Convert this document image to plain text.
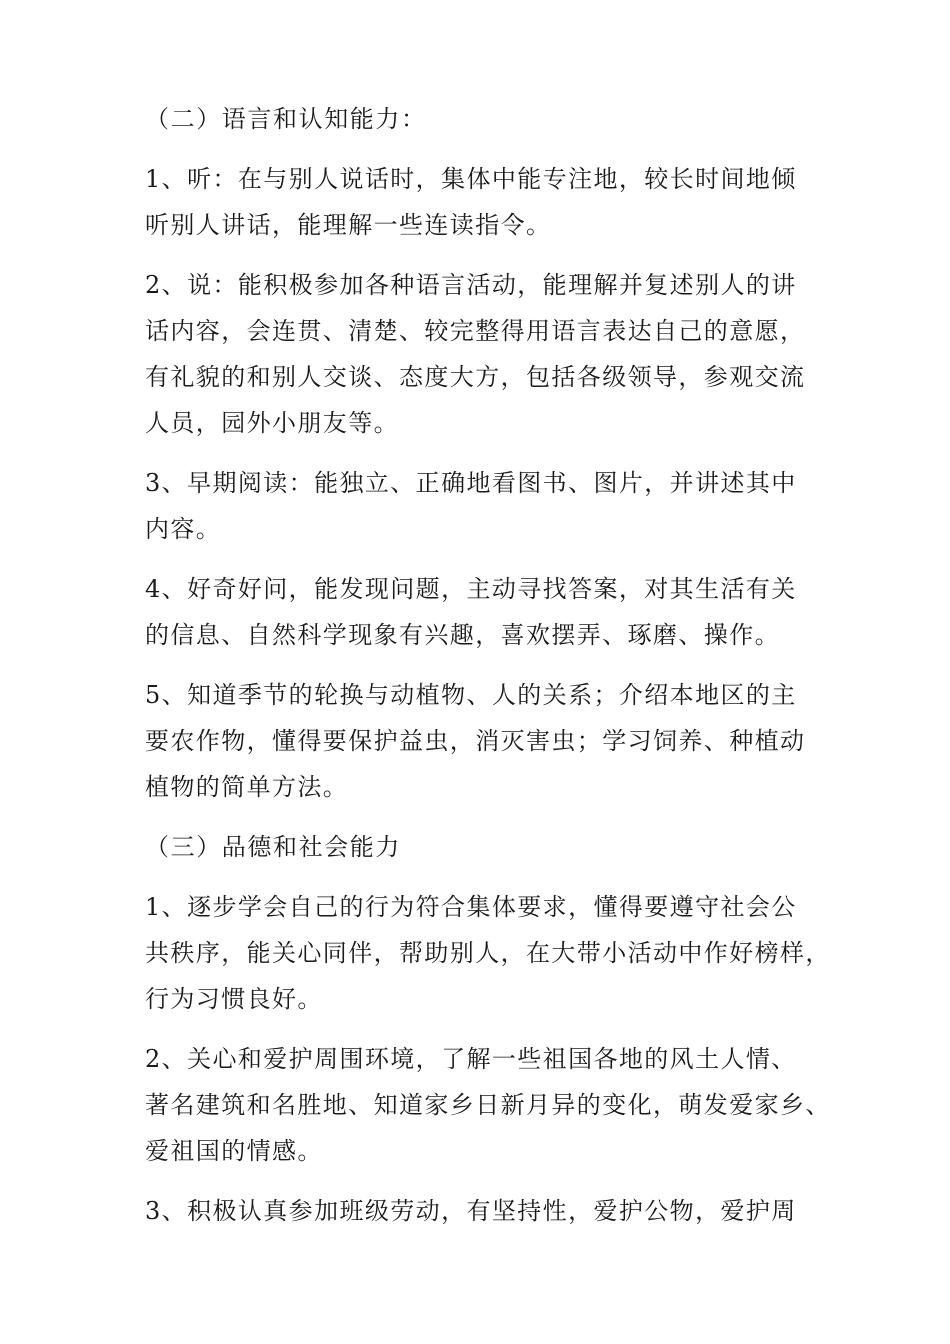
（二）语言和认知能力：
1、听：在与别人说话时，集体中能专注地，较长时间地倾
听别人讲话，能理解一些连读指令。
2、说：能积极参加各种语言活动，能理解并复述别人的讲
话内容，会连贯、清楚、较完整得用语言表达自己的意愿，
有礼貌的和别人交谈、态度大方，包括各级领导，参观交流
人员，园外小朋友等。
3、早期阅读：能独立、正确地看图书、图片，并讲述其中
内容。
4、好奇好问，能发现问题，主动寻找答案，对其生活有关
的信息、自然科学现象有兴趣，喜欢摆弄、琢磨、操作。
5、知道季节的轮换与动植物、人的关系；介绍本地区的主
要农作物，懂得要保护益虫，消灭害虫；学习饲养、种植动
植物的简单方法。
（三）品德和社会能力
1、逐步学会自己的行为符合集体要求，懂得要遵守社会公
共秩序，能关心同伴，帮助别人，在大带小活动中作好榜样，
行为习惯良好。
2、关心和爱护周围环境，了解一些祖国各地的风土人情、
著名建筑和名胜地、知道家乡日新月异的变化，萌发爱家乡、
爱祖国的情感。
3、积极认真参加班级劳动，有坚持性，爱护公物，爱护周
